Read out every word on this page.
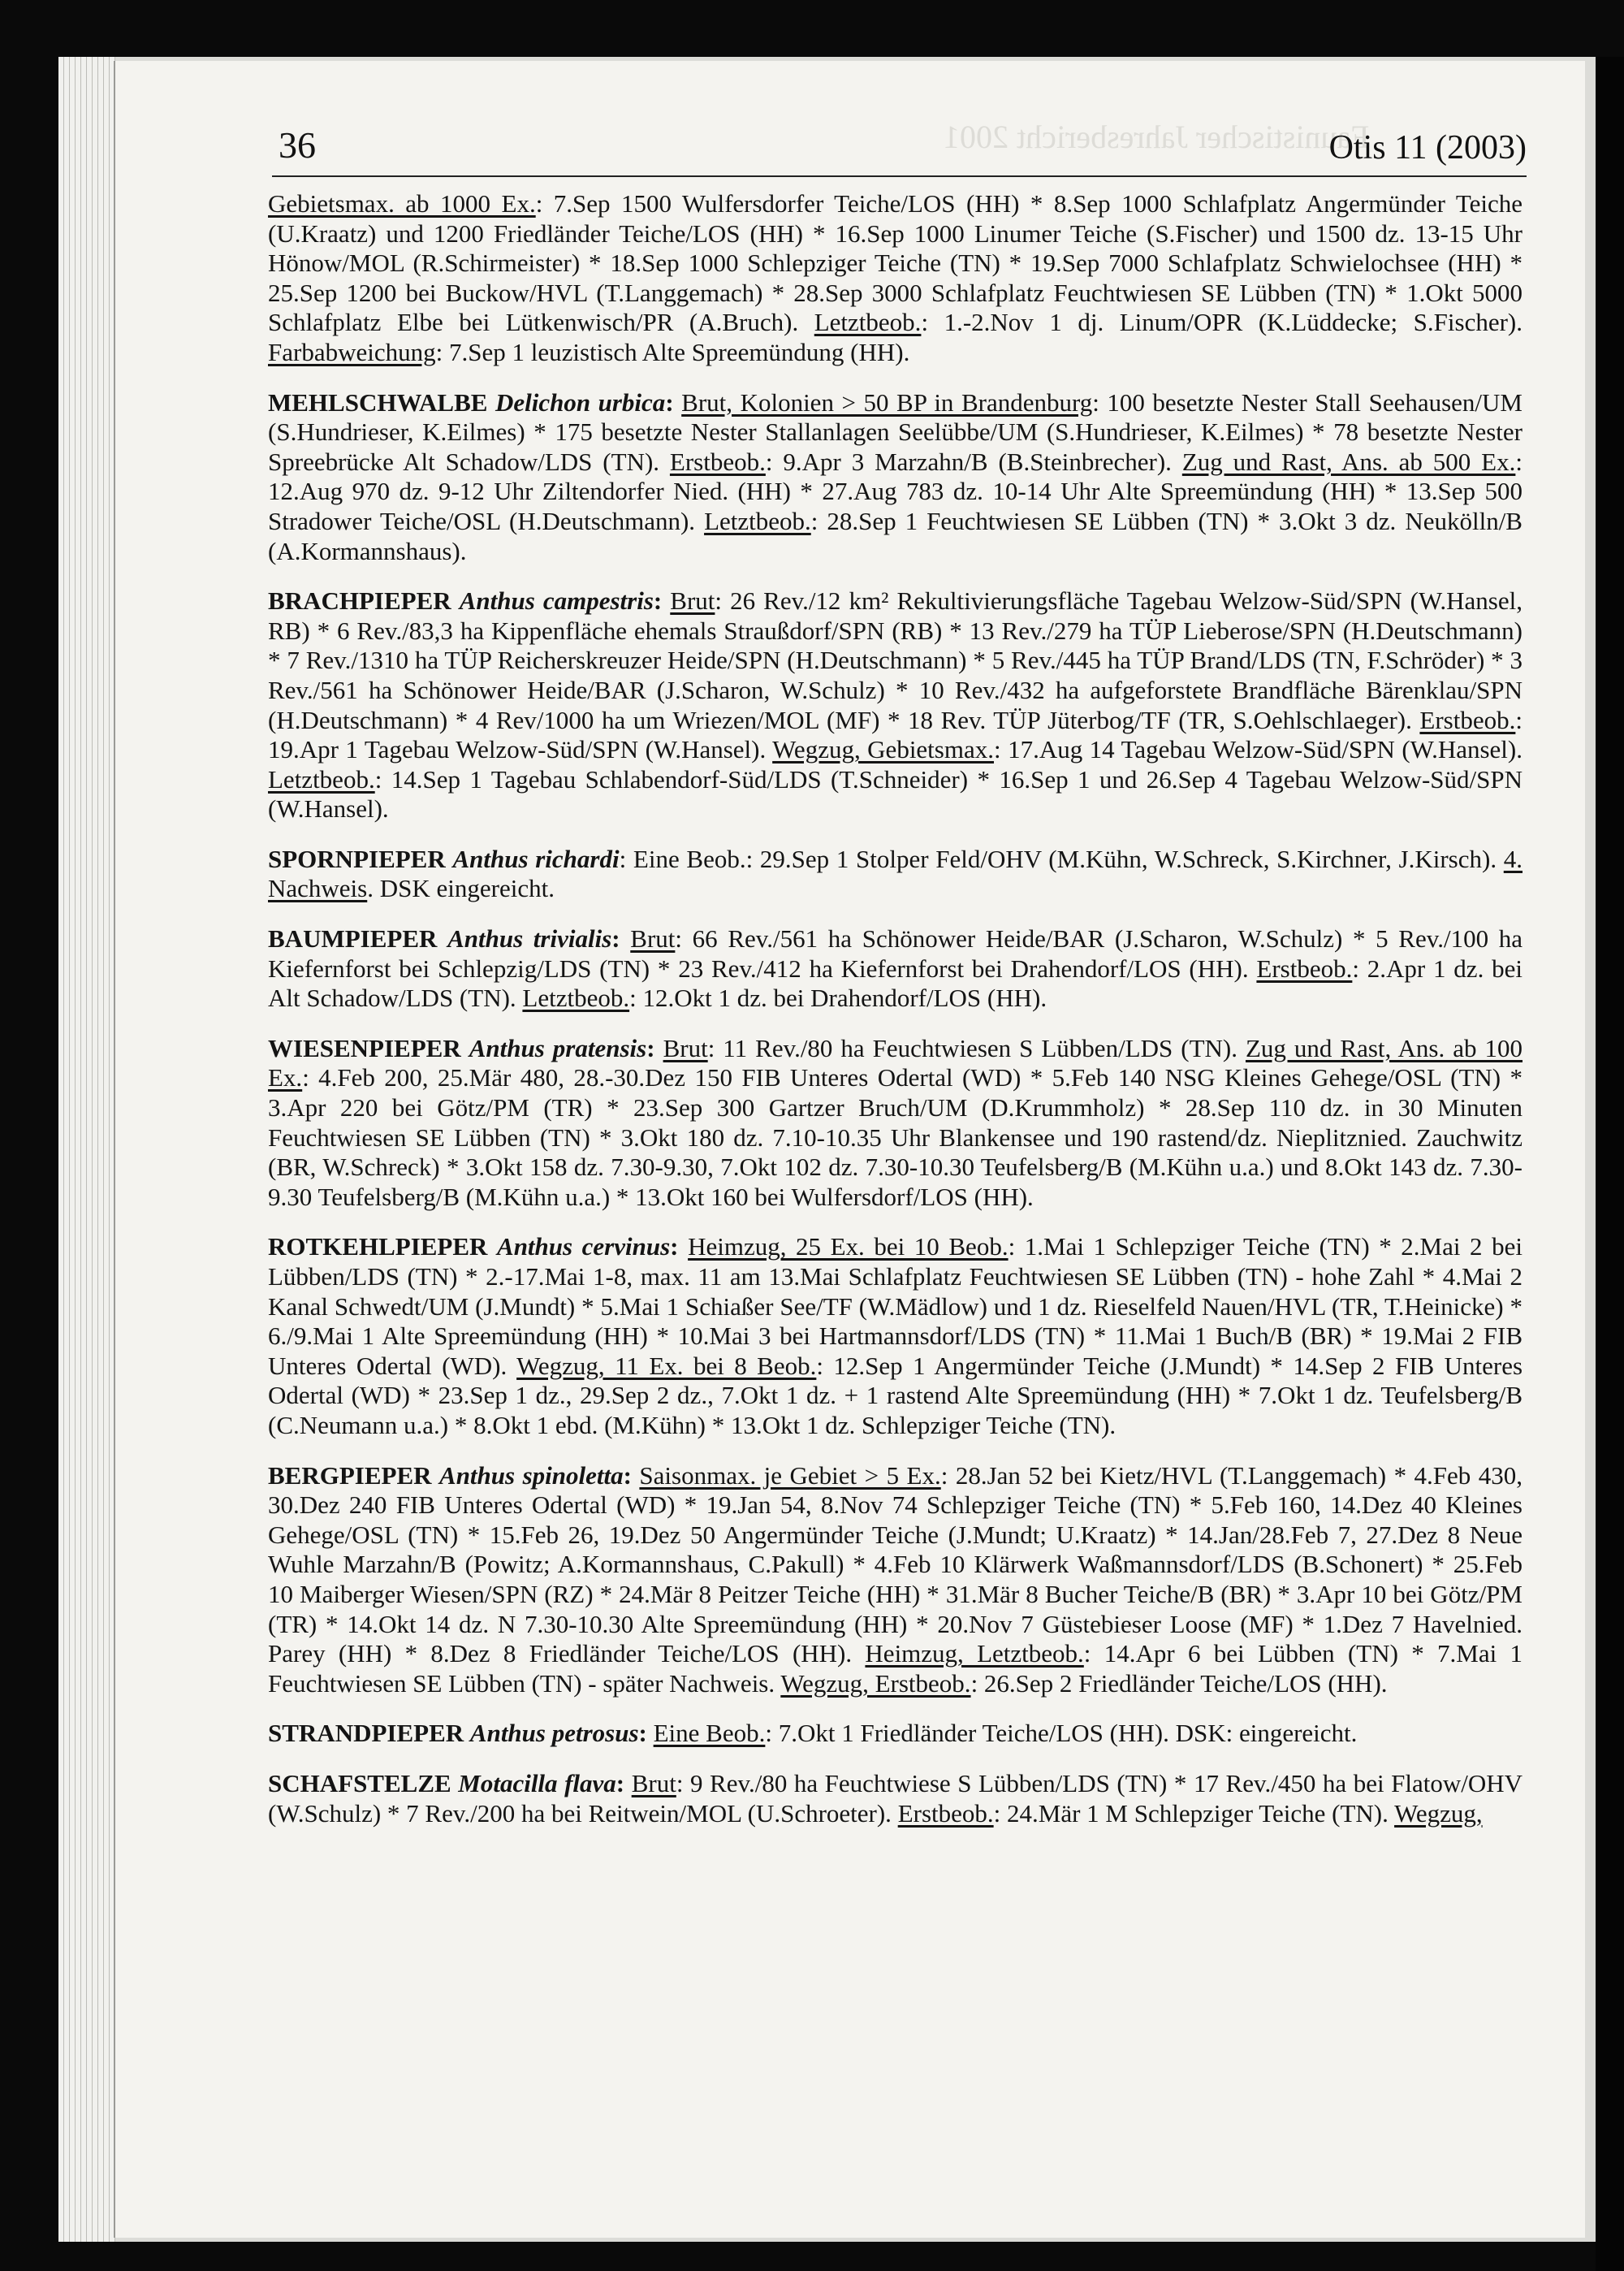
Faunistischer Jahresbericht 2001
36	Otis 11 (2003)

Gebietsmax. ab 1000 Ex.: 7.Sep 1500 Wulfersdorfer Teiche/LOS (HH) * 8.Sep 1000 Schlafplatz Angermünder Teiche (U.Kraatz) und 1200 Friedländer Teiche/LOS (HH) * 16.Sep 1000 Linumer Teiche (S.Fischer) und 1500 dz. 13-15 Uhr Hönow/MOL (R.Schirmeister) * 18.Sep 1000 Schlepziger Teiche (TN) * 19.Sep 7000 Schlafplatz Schwielochsee (HH) * 25.Sep 1200 bei Buckow/HVL (T.Langgemach) * 28.Sep 3000 Schlafplatz Feuchtwiesen SE Lübben (TN) * 1.Okt 5000 Schlafplatz Elbe bei Lütkenwisch/PR (A.Bruch). Letztbeob.: 1.-2.Nov 1 dj. Linum/OPR (K.Lüddecke; S.Fischer). Farbabweichung: 7.Sep 1 leuzistisch Alte Spreemündung (HH).

MEHLSCHWALBE Delichon urbica: Brut, Kolonien > 50 BP in Brandenburg: 100 besetzte Nester Stall Seehausen/UM (S.Hundrieser, K.Eilmes) * 175 besetzte Nester Stallanlagen Seelübbe/UM (S.Hundrieser, K.Eilmes) * 78 besetzte Nester Spreebrücke Alt Schadow/LDS (TN). Erstbeob.: 9.Apr 3 Marzahn/B (B.Steinbrecher). Zug und Rast, Ans. ab 500 Ex.: 12.Aug 970 dz. 9-12 Uhr Ziltendorfer Nied. (HH) * 27.Aug 783 dz. 10-14 Uhr Alte Spreemündung (HH) * 13.Sep 500 Stradower Teiche/OSL (H.Deutschmann). Letztbeob.: 28.Sep 1 Feuchtwiesen SE Lübben (TN) * 3.Okt 3 dz. Neukölln/B (A.Kormannshaus).

BRACHPIEPER Anthus campestris: Brut: 26 Rev./12 km² Rekultivierungsfläche Tagebau Welzow-Süd/SPN (W.Hansel, RB) * 6 Rev./83,3 ha Kippenfläche ehemals Straußdorf/SPN (RB) * 13 Rev./279 ha TÜP Lieberose/SPN (H.Deutschmann) * 7 Rev./1310 ha TÜP Reicherskreuzer Heide/SPN (H.Deutschmann) * 5 Rev./445 ha TÜP Brand/LDS (TN, F.Schröder) * 3 Rev./561 ha Schönower Heide/BAR (J.Scharon, W.Schulz) * 10 Rev./432 ha aufgeforstete Brandfläche Bärenklau/SPN (H.Deutschmann) * 4 Rev/1000 ha um Wriezen/MOL (MF) * 18 Rev. TÜP Jüterbog/TF (TR, S.Oehlschlaeger). Erstbeob.: 19.Apr 1 Tagebau Welzow-Süd/SPN (W.Hansel). Wegzug, Gebietsmax.: 17.Aug 14 Tagebau Welzow-Süd/SPN (W.Hansel). Letztbeob.: 14.Sep 1 Tagebau Schlabendorf-Süd/LDS (T.Schneider) * 16.Sep 1 und 26.Sep 4 Tagebau Welzow-Süd/SPN (W.Hansel).

SPORNPIEPER Anthus richardi: Eine Beob.: 29.Sep 1 Stolper Feld/OHV (M.Kühn, W.Schreck, S.Kirchner, J.Kirsch). 4. Nachweis. DSK eingereicht.

BAUMPIEPER Anthus trivialis: Brut: 66 Rev./561 ha Schönower Heide/BAR (J.Scharon, W.Schulz) * 5 Rev./100 ha Kiefernforst bei Schlepzig/LDS (TN) * 23 Rev./412 ha Kiefernforst bei Drahendorf/LOS (HH). Erstbeob.: 2.Apr 1 dz. bei Alt Schadow/LDS (TN). Letztbeob.: 12.Okt 1 dz. bei Drahendorf/LOS (HH).

WIESENPIEPER Anthus pratensis: Brut: 11 Rev./80 ha Feuchtwiesen S Lübben/LDS (TN). Zug und Rast, Ans. ab 100 Ex.: 4.Feb 200, 25.Mär 480, 28.-30.Dez 150 FIB Unteres Odertal (WD) * 5.Feb 140 NSG Kleines Gehege/OSL (TN) * 3.Apr 220 bei Götz/PM (TR) * 23.Sep 300 Gartzer Bruch/UM (D.Krummholz) * 28.Sep 110 dz. in 30 Minuten Feuchtwiesen SE Lübben (TN) * 3.Okt 180 dz. 7.10-10.35 Uhr Blankensee und 190 rastend/dz. Nieplitznied. Zauchwitz (BR, W.Schreck) * 3.Okt 158 dz. 7.30-9.30, 7.Okt 102 dz. 7.30-10.30 Teufelsberg/B (M.Kühn u.a.) und 8.Okt 143 dz. 7.30-9.30 Teufelsberg/B (M.Kühn u.a.) * 13.Okt 160 bei Wulfersdorf/LOS (HH).

ROTKEHLPIEPER Anthus cervinus: Heimzug, 25 Ex. bei 10 Beob.: 1.Mai 1 Schlepziger Teiche (TN) * 2.Mai 2 bei Lübben/LDS (TN) * 2.-17.Mai 1-8, max. 11 am 13.Mai Schlafplatz Feuchtwiesen SE Lübben (TN) - hohe Zahl * 4.Mai 2 Kanal Schwedt/UM (J.Mundt) * 5.Mai 1 Schiaßer See/TF (W.Mädlow) und 1 dz. Rieselfeld Nauen/HVL (TR, T.Heinicke) * 6./9.Mai 1 Alte Spreemündung (HH) * 10.Mai 3 bei Hartmannsdorf/LDS (TN) * 11.Mai 1 Buch/B (BR) * 19.Mai 2 FIB Unteres Odertal (WD). Wegzug, 11 Ex. bei 8 Beob.: 12.Sep 1 Angermünder Teiche (J.Mundt) * 14.Sep 2 FIB Unteres Odertal (WD) * 23.Sep 1 dz., 29.Sep 2 dz., 7.Okt 1 dz. + 1 rastend Alte Spreemündung (HH) * 7.Okt 1 dz. Teufelsberg/B (C.Neumann u.a.) * 8.Okt 1 ebd. (M.Kühn) * 13.Okt 1 dz. Schlepziger Teiche (TN).

BERGPIEPER Anthus spinoletta: Saisonmax. je Gebiet > 5 Ex.: 28.Jan 52 bei Kietz/HVL (T.Langgemach) * 4.Feb 430, 30.Dez 240 FIB Unteres Odertal (WD) * 19.Jan 54, 8.Nov 74 Schlepziger Teiche (TN) * 5.Feb 160, 14.Dez 40 Kleines Gehege/OSL (TN) * 15.Feb 26, 19.Dez 50 Angermünder Teiche (J.Mundt; U.Kraatz) * 14.Jan/28.Feb 7, 27.Dez 8 Neue Wuhle Marzahn/B (Powitz; A.Kormannshaus, C.Pakull) * 4.Feb 10 Klärwerk Waßmannsdorf/LDS (B.Schonert) * 25.Feb 10 Maiberger Wiesen/SPN (RZ) * 24.Mär 8 Peitzer Teiche (HH) * 31.Mär 8 Bucher Teiche/B (BR) * 3.Apr 10 bei Götz/PM (TR) * 14.Okt 14 dz. N 7.30-10.30 Alte Spreemündung (HH) * 20.Nov 7 Güstebieser Loose (MF) * 1.Dez 7 Havelnied. Parey (HH) * 8.Dez 8 Friedländer Teiche/LOS (HH). Heimzug, Letztbeob.: 14.Apr 6 bei Lübben (TN) * 7.Mai 1 Feuchtwiesen SE Lübben (TN) - später Nachweis. Wegzug, Erstbeob.: 26.Sep 2 Friedländer Teiche/LOS (HH).

STRANDPIEPER Anthus petrosus: Eine Beob.: 7.Okt 1 Friedländer Teiche/LOS (HH). DSK: eingereicht.

SCHAFSTELZE Motacilla flava: Brut: 9 Rev./80 ha Feuchtwiese S Lübben/LDS (TN) * 17 Rev./450 ha bei Flatow/OHV (W.Schulz) * 7 Rev./200 ha bei Reitwein/MOL (U.Schroeter). Erstbeob.: 24.Mär 1 M Schlepziger Teiche (TN). Wegzug,
